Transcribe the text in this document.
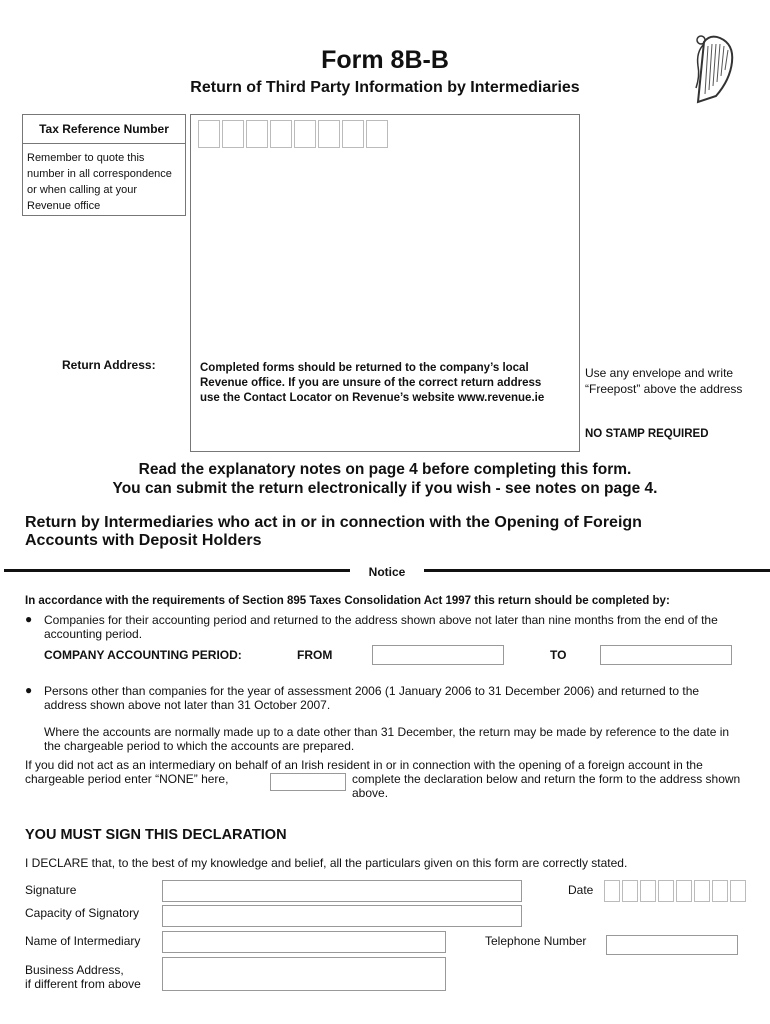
Form 8B-B
Return of Third Party Information by Intermediaries
Tax Reference Number
Remember to quote this number in all correspondence or when calling at your Revenue office
Return Address:	Completed forms should be returned to the company’s local Revenue office. If you are unsure of the correct return address use the Contact Locator on Revenue’s website www.revenue.ie
Use any envelope and write “Freepost” above the address
NO STAMP REQUIRED
Read the explanatory notes on page 4 before completing this form.
You can submit the return electronically if you wish - see notes on page 4.
Return by Intermediaries who act in or in connection with the Opening of Foreign Accounts with Deposit Holders
Notice
In accordance with the requirements of Section 895 Taxes Consolidation Act 1997 this return should be completed by:
● Companies for their accounting period and returned to the address shown above not later than nine months from the end of the accounting period.
COMPANY ACCOUNTING PERIOD:	FROM	TO
● Persons other than companies for the year of assessment 2006 (1 January 2006 to 31 December 2006) and returned to the address shown above not later than 31 October 2007.
Where the accounts are normally made up to a date other than 31 December, the return may be made by reference to the date in the chargeable period to which the accounts are prepared.
If you did not act as an intermediary on behalf of an Irish resident in or in connection with the opening of a foreign account in the chargeable period enter “NONE” here,	complete the declaration below and return the form to the address shown above.
YOU MUST SIGN THIS DECLARATION
I DECLARE that, to the best of my knowledge and belief, all the particulars given on this form are correctly stated.
Signature	Date
Capacity of Signatory
Name of Intermediary	Telephone Number
Business Address,
if different from above
